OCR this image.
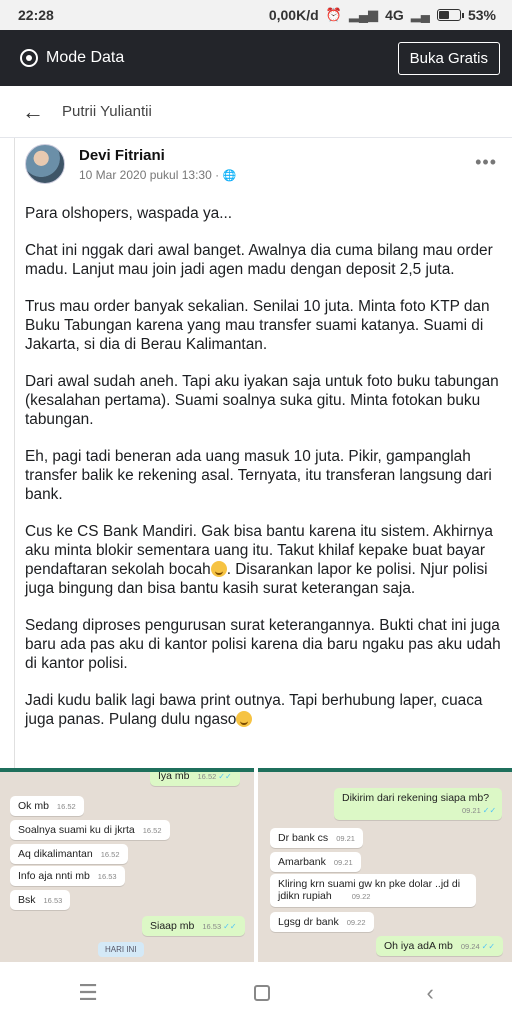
22:28	0,00K/d ⏰ ▂▄▆ 4G ▂▄	53%
Mode Data	Buka Gratis
←	Putrii Yuliantii
Devi Fitriani
10 Mar 2020 pukul 13:30 · 🌐
•••

Para olshopers, waspada ya...

Chat ini nggak dari awal banget. Awalnya dia cuma bilang mau order madu. Lanjut mau join jadi agen madu dengan deposit 2,5 juta.

Trus mau order banyak sekalian. Senilai 10 juta. Minta foto KTP dan Buku Tabungan karena yang mau transfer suami katanya. Suami di Jakarta, si dia di Berau Kalimantan.

Dari awal sudah aneh. Tapi aku iyakan saja untuk foto buku tabungan (kesalahan pertama). Suami soalnya suka gitu. Minta fotokan buku tabungan.

Eh, pagi tadi beneran ada uang masuk 10 juta. Pikir, gampanglah transfer balik ke rekening asal. Ternyata, itu transferan langsung dari bank.

Cus ke CS Bank Mandiri. Gak bisa bantu karena itu sistem. Akhirnya aku minta blokir sementara uang itu. Takut khilaf kepake buat bayar pendaftaran sekolah bocah . Disarankan lapor ke polisi. Njur polisi juga bingung dan bisa bantu kasih surat keterangan saja.

Sedang diproses pengurusan surat keterangannya. Bukti chat ini juga baru ada pas aku di kantor polisi karena dia baru ngaku pas aku udah di kantor polisi.

Jadi kudu balik lagi bawa print outnya. Tapi berhubung laper, cuaca juga panas. Pulang dulu ngaso

Iya mb 16.52 ✓✓
Ok mb 16.52
Soalnya suami ku di jkrta 16.52
Aq dikalimantan 16.52
Info aja nnti mb 16.53
Bsk 16.53
Siaap mb 16.53 ✓✓
HARI INI
Dikirim dari rekening siapa mb?
09.21 ✓✓
Dr bank cs 09.21
Amarbank 09.21
Kliring krn suami gw kn pke dolar ..jd di jdikn rupiah	09.22
Lgsg dr bank 09.22
Oh iya adA mb 09.24 ✓✓
☰	‹
